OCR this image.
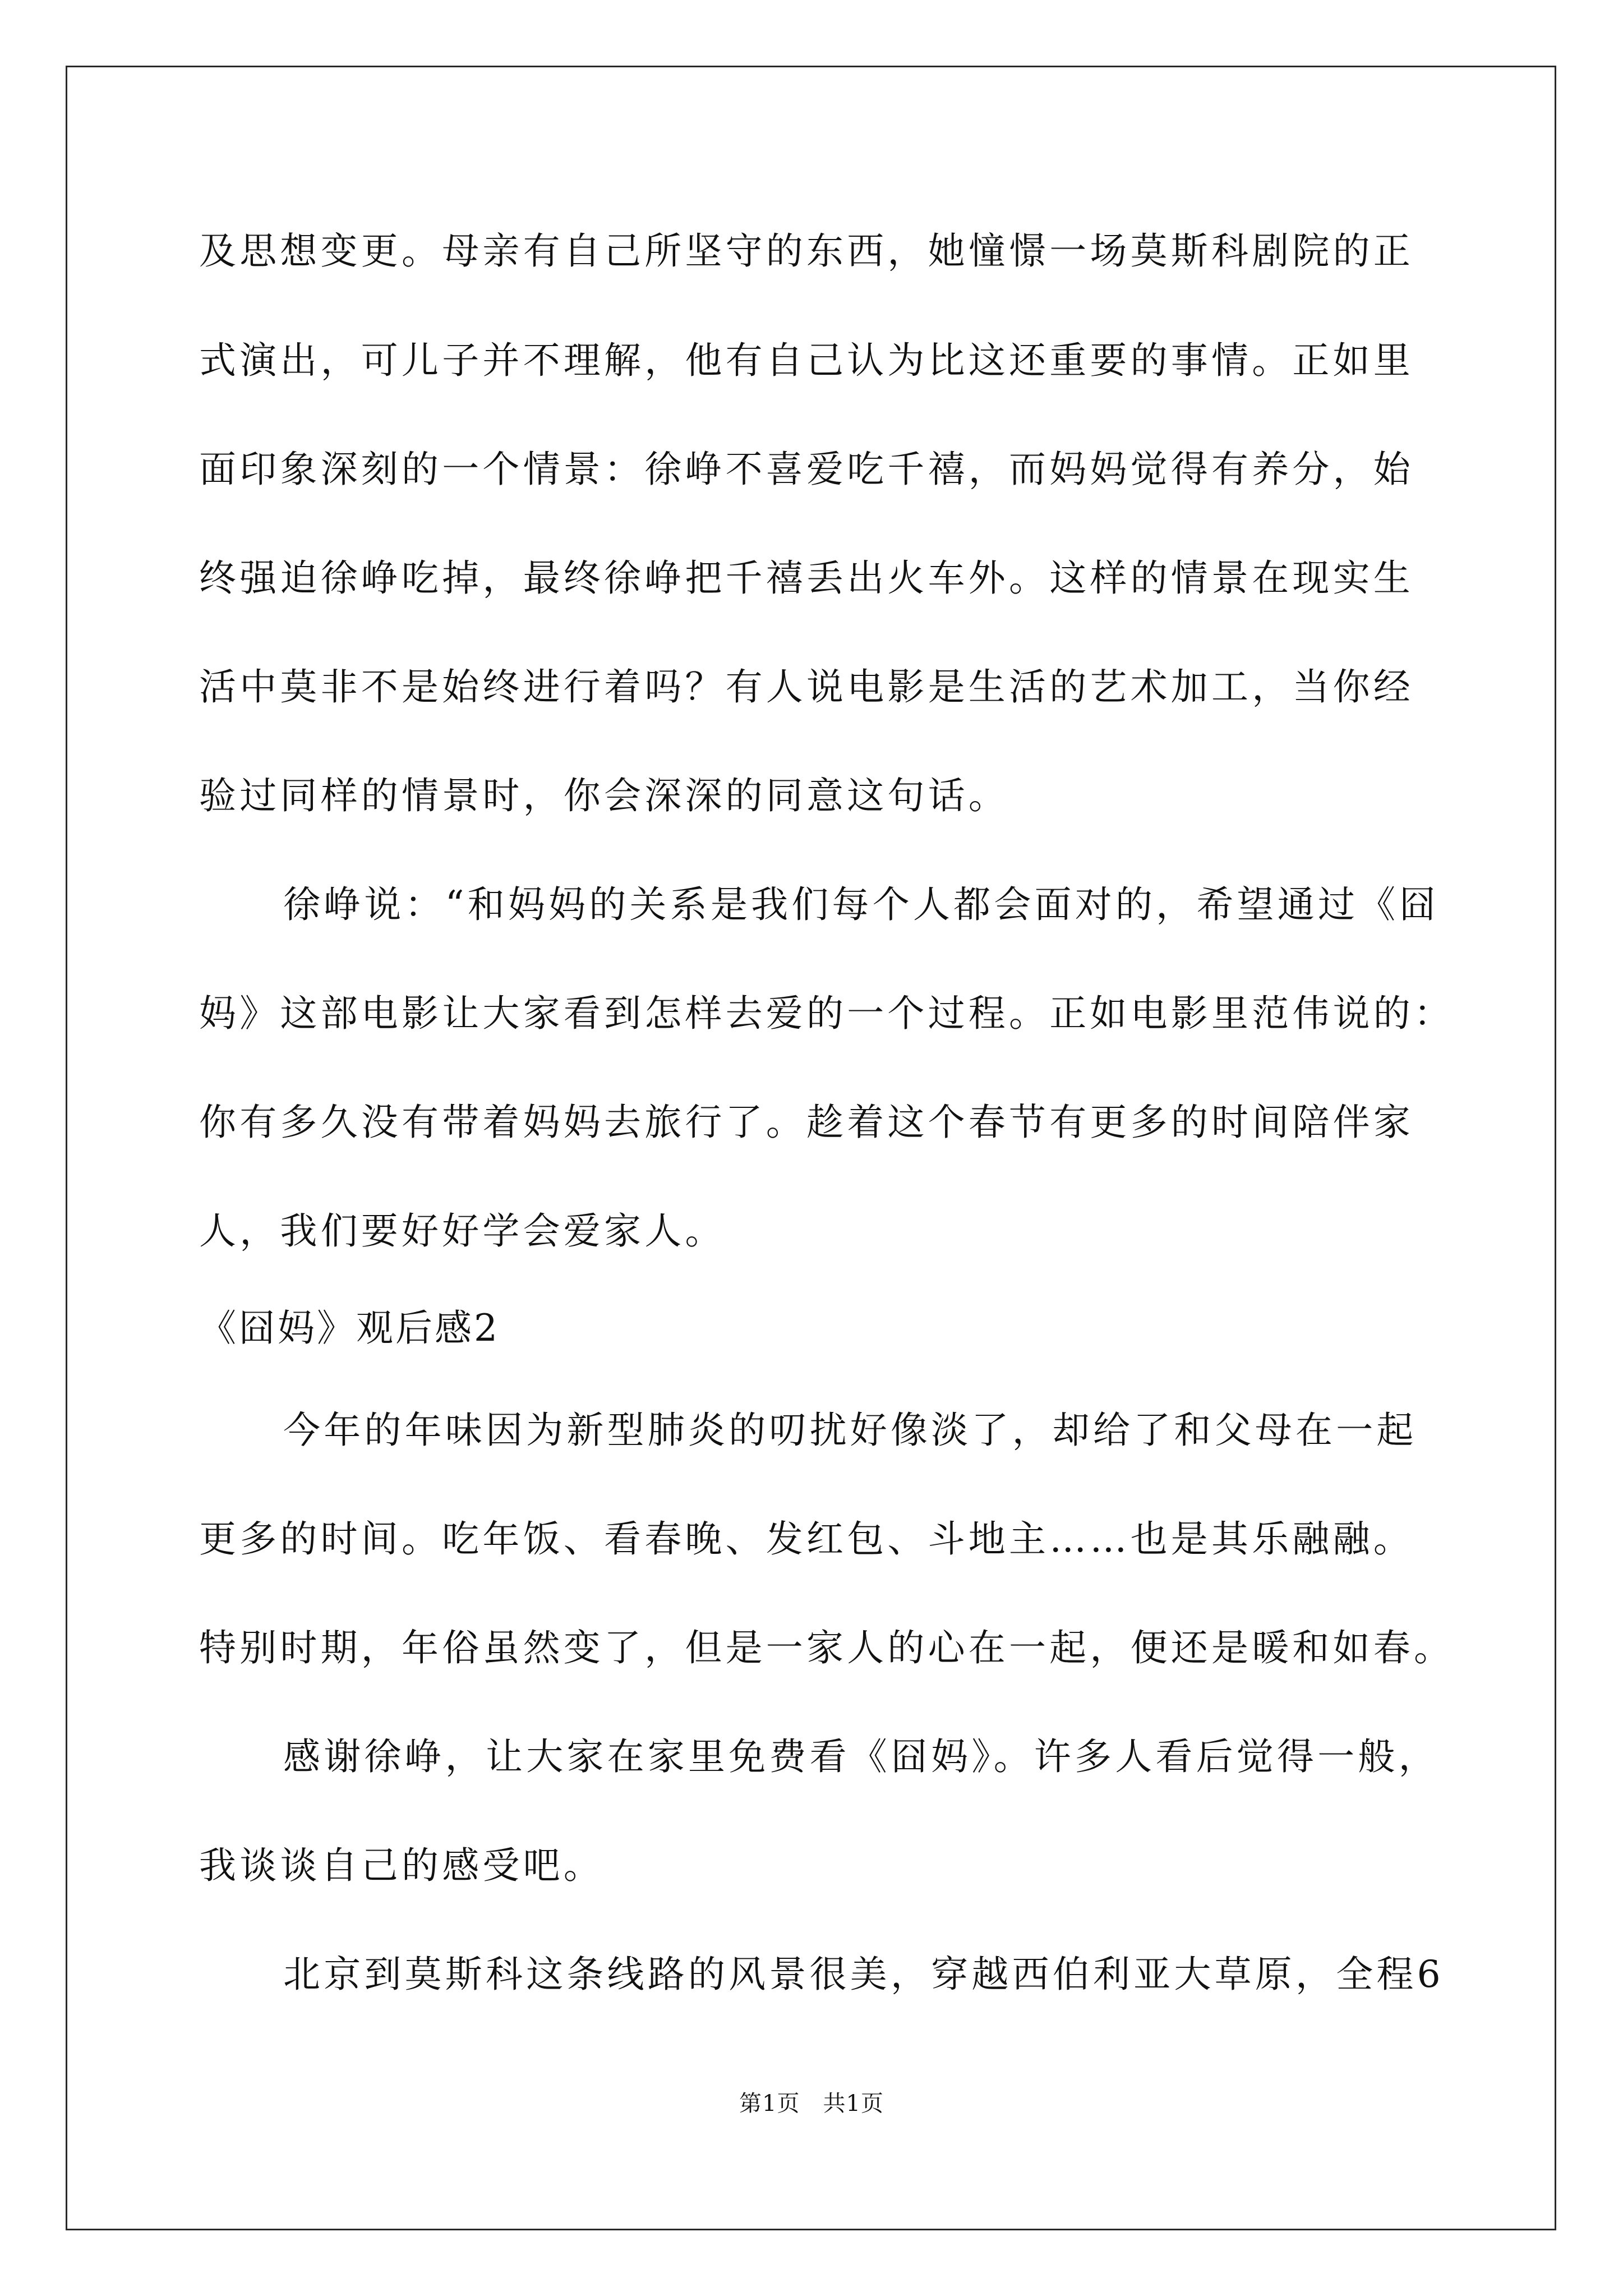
及思想变更。母亲有自己所坚守的东西，她憧憬一场莫斯科剧院的正
式演出，可儿子并不理解，他有自己认为比这还重要的事情。正如里
面印象深刻的一个情景：徐峥不喜爱吃千禧，而妈妈觉得有养分，始
终强迫徐峥吃掉，最终徐峥把千禧丢出火车外。这样的情景在现实生
活中莫非不是始终进行着吗？有人说电影是生活的艺术加工，当你经
验过同样的情景时，你会深深的同意这句话。
徐峥说：“和妈妈的关系是我们每个人都会面对的，希望通过《囧
妈》这部电影让大家看到怎样去爱的一个过程。正如电影里范伟说的：
你有多久没有带着妈妈去旅行了。趁着这个春节有更多的时间陪伴家
人，我们要好好学会爱家人。
《囧妈》观后感2
今年的年味因为新型肺炎的叨扰好像淡了，却给了和父母在一起
更多的时间。吃年饭、看春晚、发红包、斗地主……也是其乐融融。
特别时期，年俗虽然变了，但是一家人的心在一起，便还是暖和如春。
感谢徐峥，让大家在家里免费看《囧妈》。许多人看后觉得一般，
我谈谈自己的感受吧。
北京到莫斯科这条线路的风景很美，穿越西伯利亚大草原，全程6
第1页　共1页
